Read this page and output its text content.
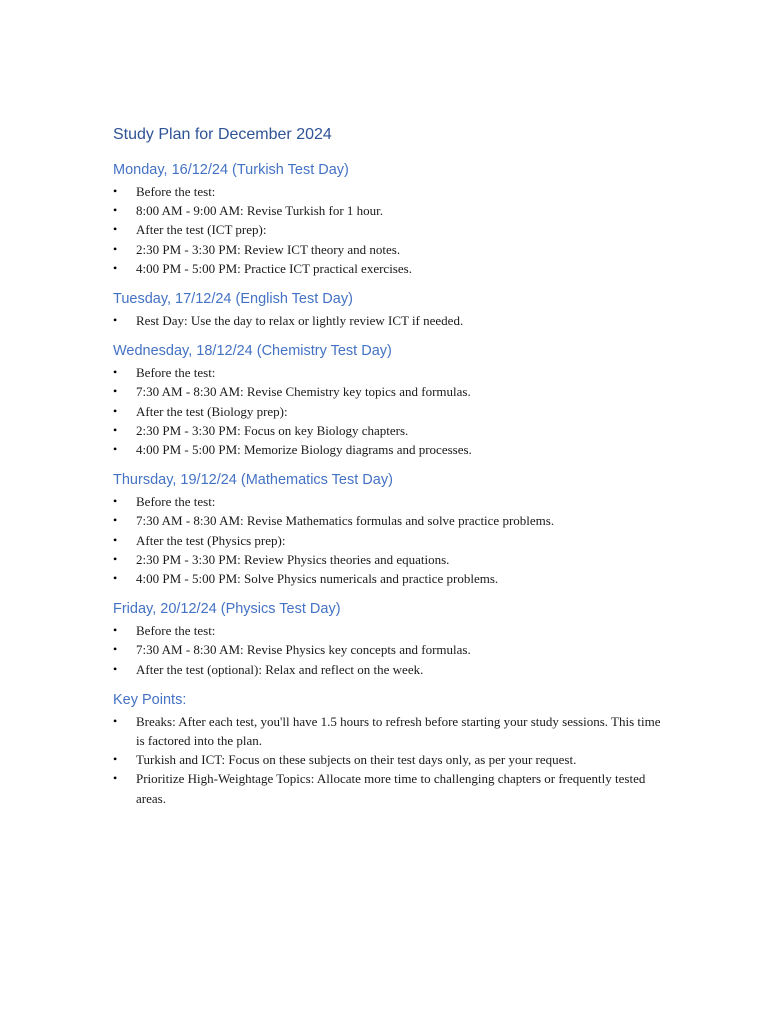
Study Plan for December 2024
Monday, 16/12/24 (Turkish Test Day)
• Before the test:
• 8:00 AM - 9:00 AM: Revise Turkish for 1 hour.
• After the test (ICT prep):
• 2:30 PM - 3:30 PM: Review ICT theory and notes.
• 4:00 PM - 5:00 PM: Practice ICT practical exercises.
Tuesday, 17/12/24 (English Test Day)
• Rest Day: Use the day to relax or lightly review ICT if needed.
Wednesday, 18/12/24 (Chemistry Test Day)
• Before the test:
• 7:30 AM - 8:30 AM: Revise Chemistry key topics and formulas.
• After the test (Biology prep):
• 2:30 PM - 3:30 PM: Focus on key Biology chapters.
• 4:00 PM - 5:00 PM: Memorize Biology diagrams and processes.
Thursday, 19/12/24 (Mathematics Test Day)
• Before the test:
• 7:30 AM - 8:30 AM: Revise Mathematics formulas and solve practice problems.
• After the test (Physics prep):
• 2:30 PM - 3:30 PM: Review Physics theories and equations.
• 4:00 PM - 5:00 PM: Solve Physics numericals and practice problems.
Friday, 20/12/24 (Physics Test Day)
• Before the test:
• 7:30 AM - 8:30 AM: Revise Physics key concepts and formulas.
• After the test (optional): Relax and reflect on the week.
Key Points:
• Breaks: After each test, you'll have 1.5 hours to refresh before starting your study sessions. This time is factored into the plan.
• Turkish and ICT: Focus on these subjects on their test days only, as per your request.
• Prioritize High-Weightage Topics: Allocate more time to challenging chapters or frequently tested areas.
